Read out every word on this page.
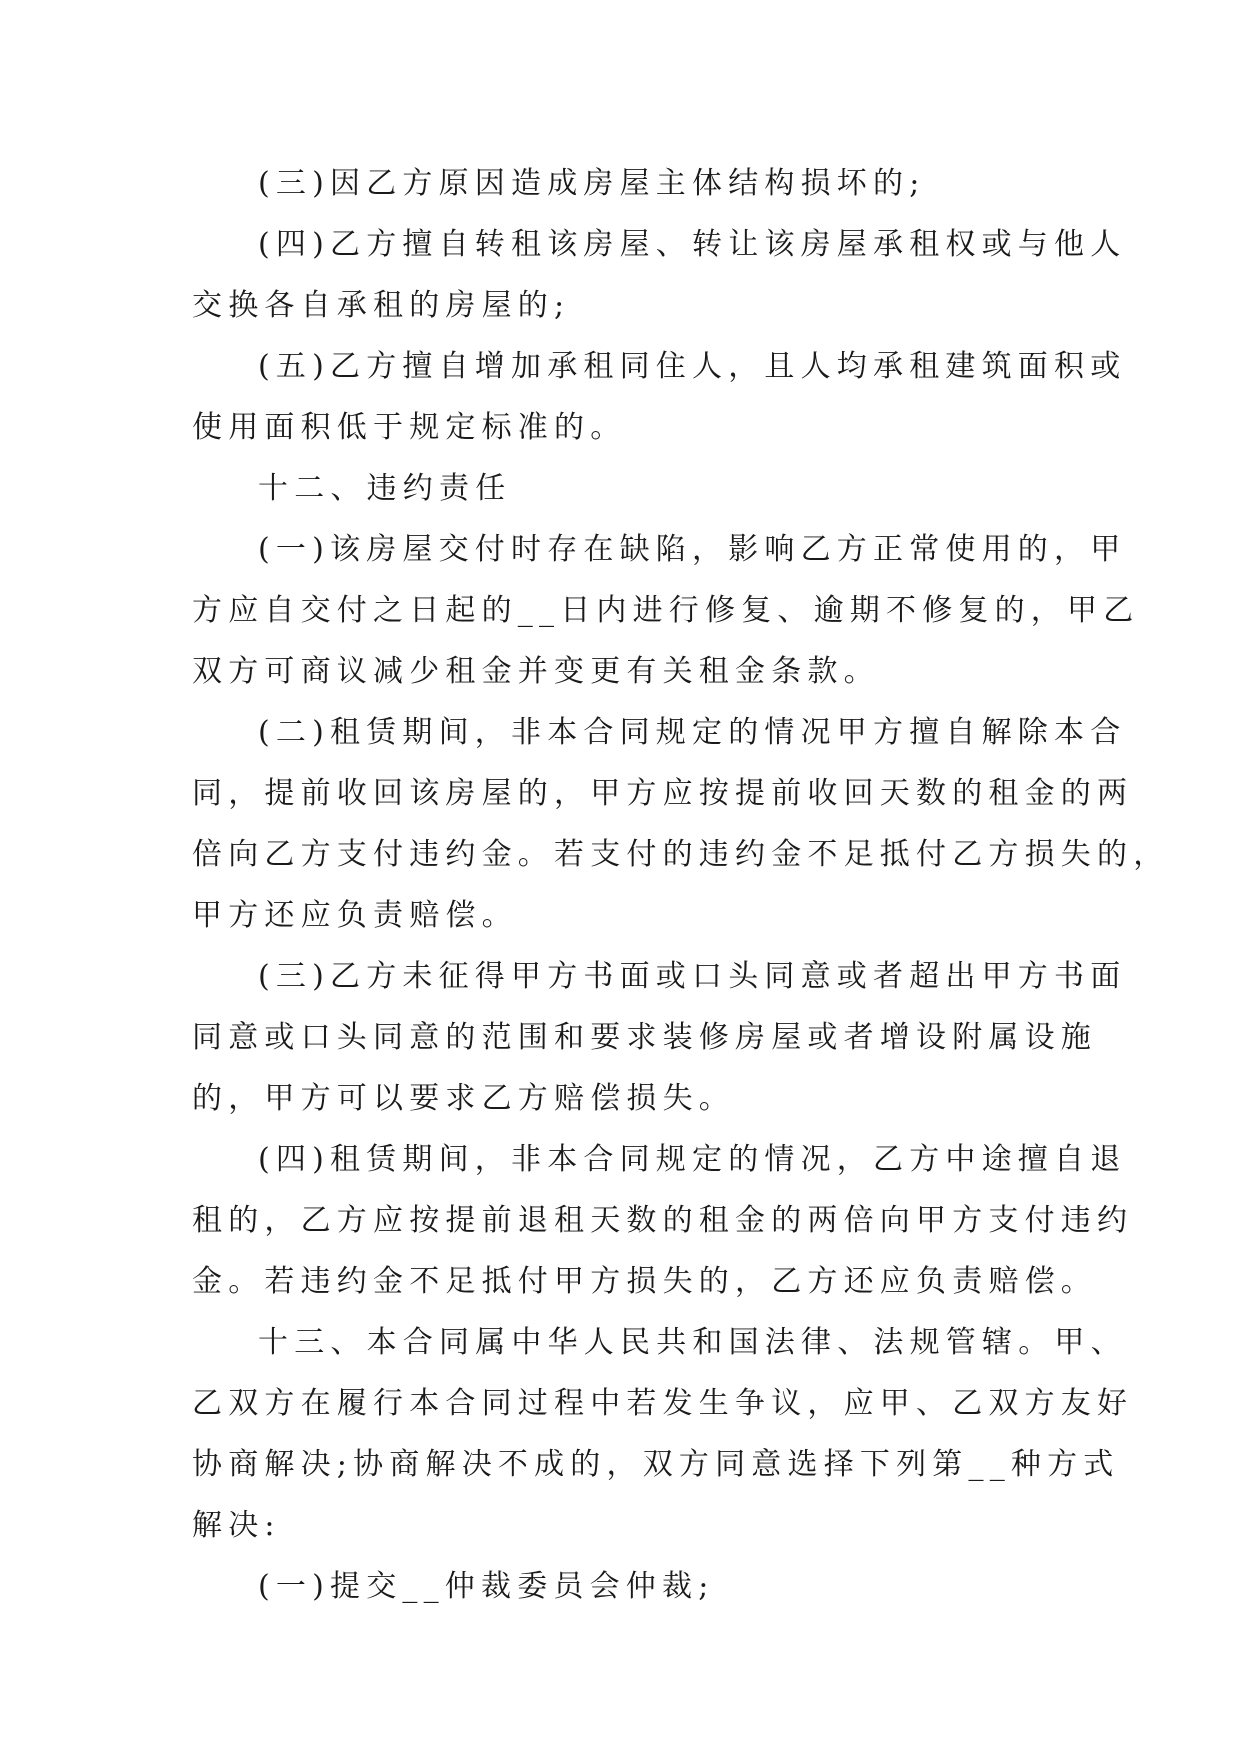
(三)因乙方原因造成房屋主体结构损坏的;
(四)乙方擅自转租该房屋、转让该房屋承租权或与他人
交换各自承租的房屋的;
(五)乙方擅自增加承租同住人，且人均承租建筑面积或
使用面积低于规定标准的。
十二、违约责任
(一)该房屋交付时存在缺陷，影响乙方正常使用的，甲
方应自交付之日起的__日内进行修复、逾期不修复的，甲乙
双方可商议减少租金并变更有关租金条款。
(二)租赁期间，非本合同规定的情况甲方擅自解除本合
同，提前收回该房屋的，甲方应按提前收回天数的租金的两
倍向乙方支付违约金。若支付的违约金不足抵付乙方损失的，
甲方还应负责赔偿。
(三)乙方未征得甲方书面或口头同意或者超出甲方书面
同意或口头同意的范围和要求装修房屋或者增设附属设施
的，甲方可以要求乙方赔偿损失。
(四)租赁期间，非本合同规定的情况，乙方中途擅自退
租的，乙方应按提前退租天数的租金的两倍向甲方支付违约
金。若违约金不足抵付甲方损失的，乙方还应负责赔偿。
十三、本合同属中华人民共和国法律、法规管辖。甲、
乙双方在履行本合同过程中若发生争议，应甲、乙双方友好
协商解决;协商解决不成的，双方同意选择下列第__种方式
解决:
(一)提交__仲裁委员会仲裁;
